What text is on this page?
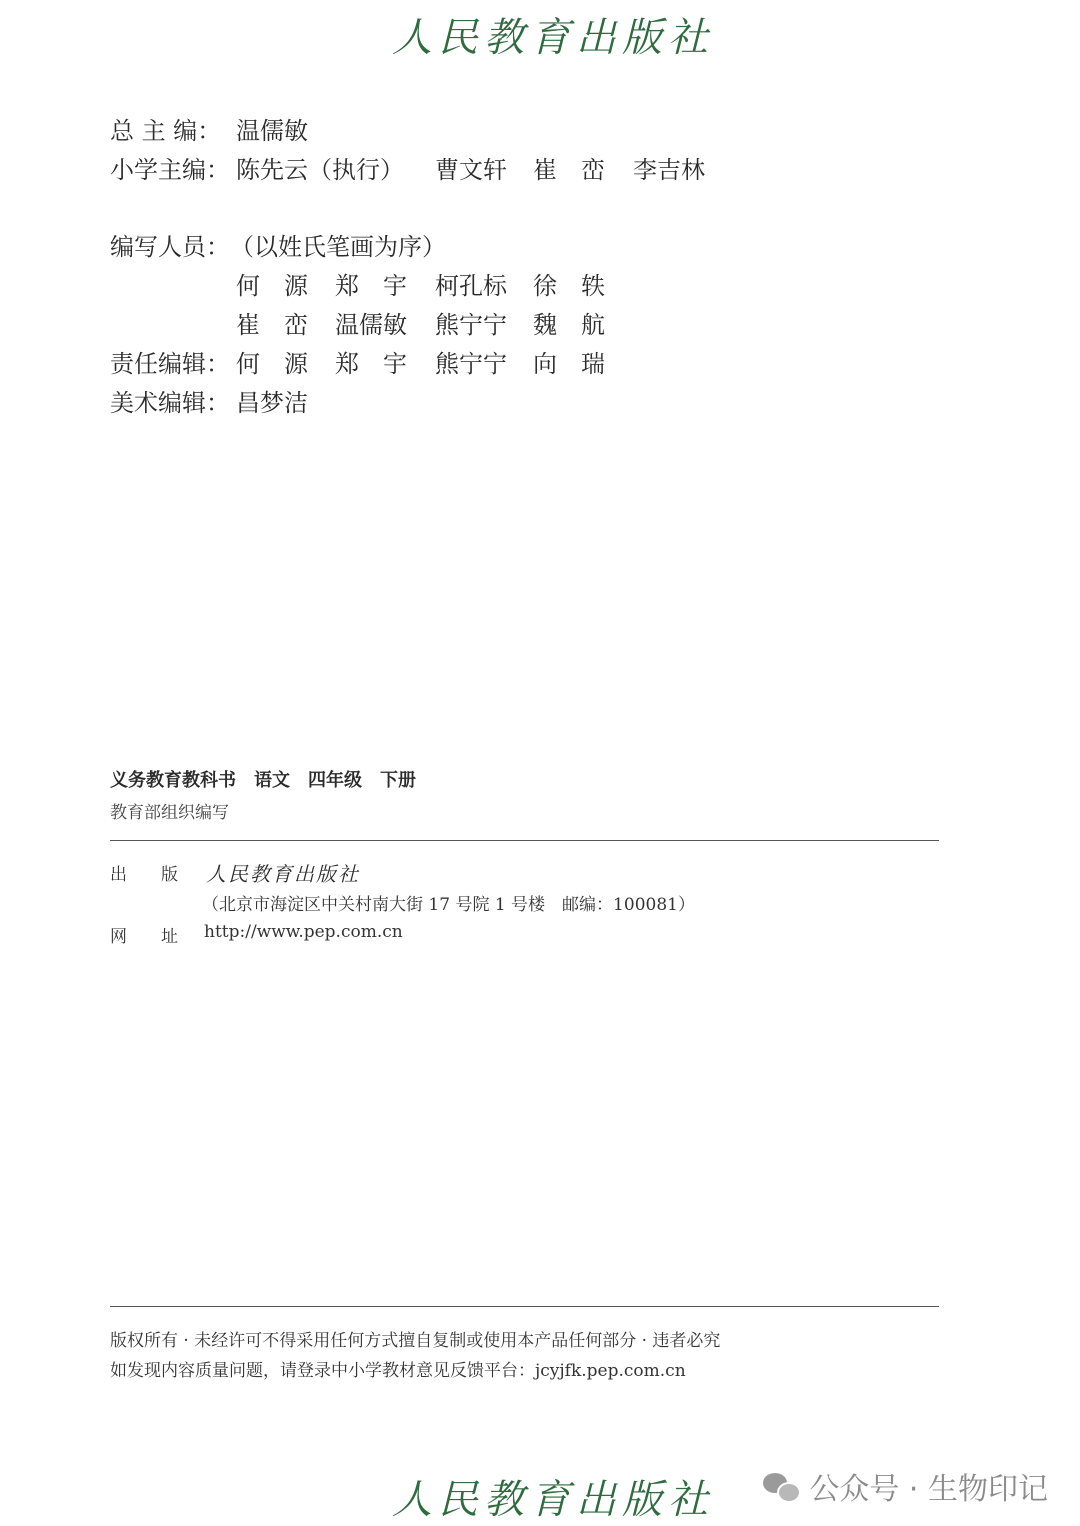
人民教育出版社
总 主 编： 温儒敏
小学主编： 陈先云（执行） 曹文轩 崔　峦 李吉林
编写人员： （以姓氏笔画为序）
何　源 郑　宇 柯孔标 徐　轶
崔　峦 温儒敏 熊宁宁 魏　航
责任编辑： 何　源 郑　宇 熊宁宁 向　瑞
美术编辑： 昌梦洁
义务教育教科书　语文　四年级　下册
教育部组织编写
出　　版 人民教育出版社
（北京市海淀区中关村南大街 17 号院 1 号楼　邮编：100081）
网　　址 http://www.pep.com.cn
版权所有 · 未经许可不得采用任何方式擅自复制或使用本产品任何部分 · 违者必究
如发现内容质量问题，请登录中小学教材意见反馈平台：jcyjfk.pep.com.cn
人民教育出版社	公众号 · 生物印记
